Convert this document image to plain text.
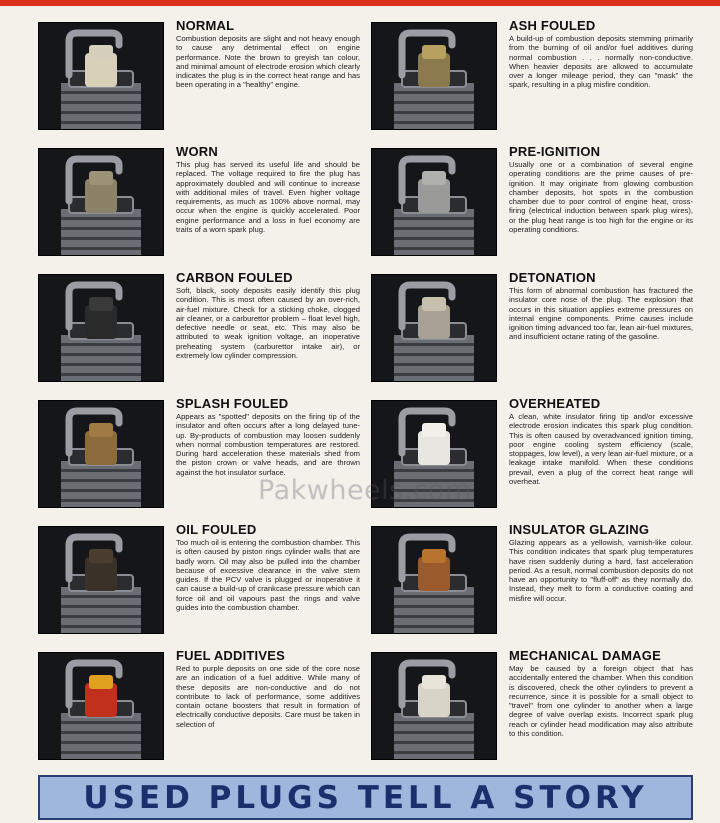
NORMAL
Combustion deposits are slight and not heavy enough to cause any detrimental effect on engine performance. Note the brown to greyish tan colour, and minimal amount of electrode erosion which clearly indicates the plug is in the correct heat range and has been operating in a "healthy" engine.
ASH FOULED
A build-up of combustion deposits stemming primarily from the burning of oil and/or fuel additives during normal combustion . . . normally non-conductive. When heavier deposits are allowed to accumulate over a longer mileage period, they can "mask" the spark, resulting in a plug misfire condition.
WORN
This plug has served its useful life and should be replaced. The voltage required to fire the plug has approximately doubled and will continue to increase with additional miles of travel. Even higher voltage requirements, as much as 100% above normal, may occur when the engine is quickly accelerated. Poor engine performance and a loss in fuel economy are traits of a worn spark plug.
PRE-IGNITION
Usually one or a combination of several engine operating conditions are the prime causes of pre-ignition. It may originate from glowing combustion chamber deposits, hot spots in the combustion chamber due to poor control of engine heat, cross-firing (electrical induction between spark plug wires), or the plug heat range is too high for the engine or its operating conditions.
CARBON FOULED
Soft, black, sooty deposits easily identify this plug condition. This is most often caused by an over-rich, air-fuel mixture. Check for a sticking choke, clogged air cleaner, or a carburettor problem – float level high, defective needle or seat, etc. This may also be attributed to weak ignition voltage, an inoperative preheating system (carburettor intake air), or extremely low cylinder compression.
DETONATION
This form of abnormal combustion has fractured the insulator core nose of the plug. The explosion that occurs in this situation applies extreme pressures on internal engine components. Prime causes include ignition timing advanced too far, lean air-fuel mixtures, and insufficient octane rating of the gasoline.
SPLASH FOULED
Appears as "spotted" deposits on the firing tip of the insulator and often occurs after a long delayed tune-up. By-products of combustion may loosen suddenly when normal combustion temperatures are restored. During hard acceleration these materials shed from the piston crown or valve heads, and are thrown against the hot insulator surface.
OVERHEATED
A clean, white insulator firing tip and/or excessive electrode erosion indicates this spark plug condition. This is often caused by overadvanced ignition timing, poor engine cooling system efficiency (scale, stoppages, low level), a very lean air-fuel mixture, or a leakage intake manifold. When these conditions prevail, even a plug of the correct heat range will overheat.
OIL FOULED
Too much oil is entering the combustion chamber. This is often caused by piston rings cylinder walls that are badly worn. Oil may also be pulled into the chamber because of excessive clearance in the valve stem guides. If the PCV valve is plugged or inoperative it can cause a build-up of crankcase pressure which can force oil and oil vapours past the rings and valve guides into the combustion chamber.
INSULATOR GLAZING
Glazing appears as a yellowish, varnish-like colour. This condition indicates that spark plug temperatures have risen suddenly during a hard, fast acceleration period. As a result, normal combustion deposits do not have an opportunity to "fluff-off" as they normally do. Instead, they melt to form a conductive coating and misfire will occur.
FUEL ADDITIVES
Red to purple deposits on one side of the core nose are an indication of a fuel additive. While many of these deposits are non-conductive and do not contribute to lack of performance, some additives contain octane boosters that result in formation of electrically conductive deposits. Care must be taken in selection of
MECHANICAL DAMAGE
May be caused by a foreign object that has accidentally entered the chamber. When this condition is discovered, check the other cylinders to prevent a recurrence, since it is possible for a small object to "travel" from one cylinder to another when a large degree of valve overlap exists. Incorrect spark plug reach or cylinder head modification may also attribute to this condition.
Pakwheels.com
USED PLUGS TELL A STORY
